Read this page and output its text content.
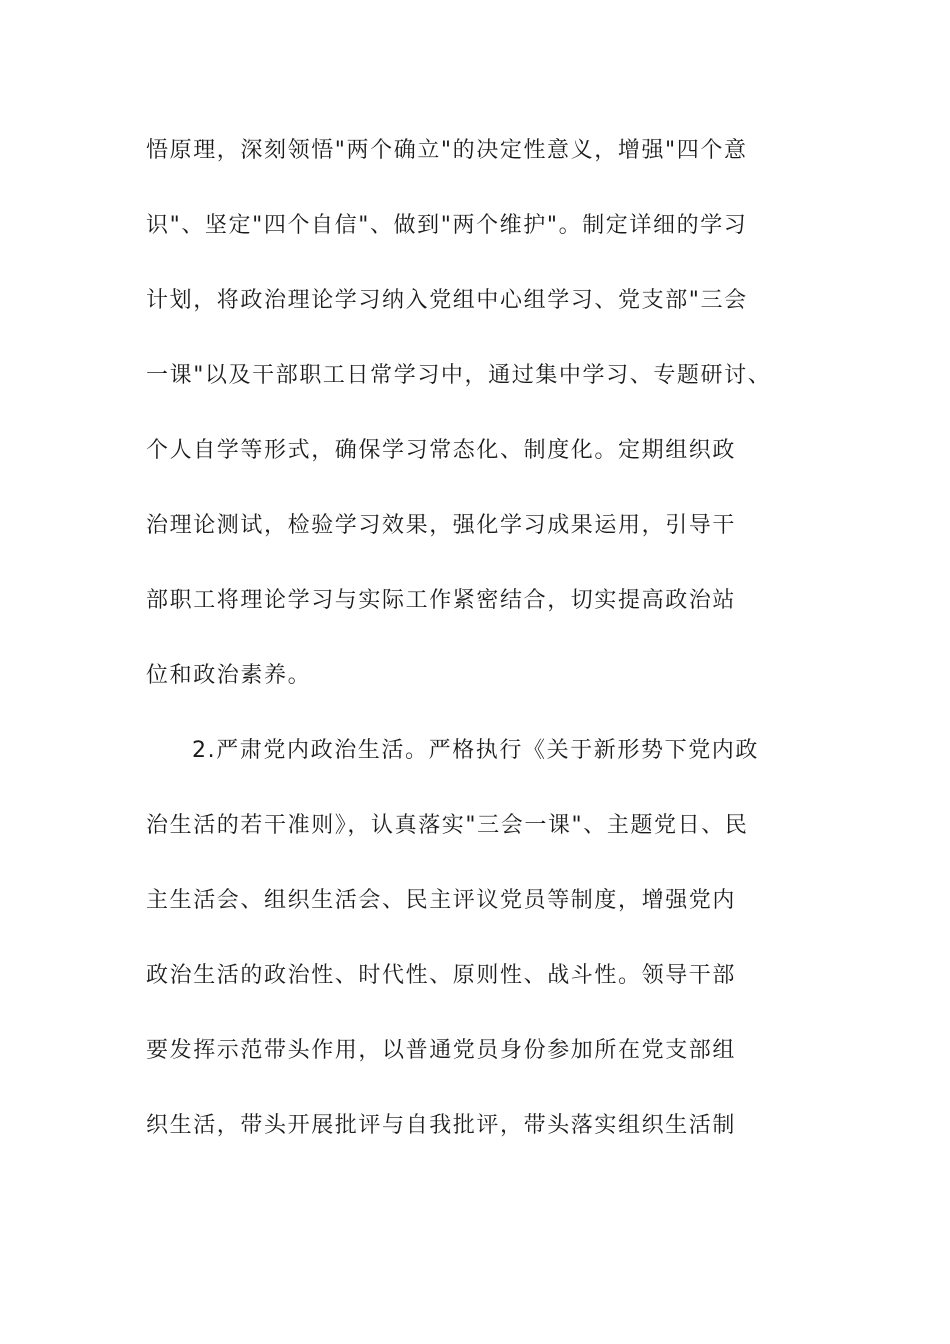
悟原理，深刻领悟"两个确立"的决定性意义，增强"四个意
识"、坚定"四个自信"、做到"两个维护"。制定详细的学习
计划，将政治理论学习纳入党组中心组学习、党支部"三会
一课"以及干部职工日常学习中，通过集中学习、专题研讨、
个人自学等形式，确保学习常态化、制度化。定期组织政
治理论测试，检验学习效果，强化学习成果运用，引导干
部职工将理论学习与实际工作紧密结合，切实提高政治站
位和政治素养。
2.严肃党内政治生活。严格执行《关于新形势下党内政
治生活的若干准则》，认真落实"三会一课"、主题党日、民
主生活会、组织生活会、民主评议党员等制度，增强党内
政治生活的政治性、时代性、原则性、战斗性。领导干部
要发挥示范带头作用，以普通党员身份参加所在党支部组
织生活，带头开展批评与自我批评，带头落实组织生活制
